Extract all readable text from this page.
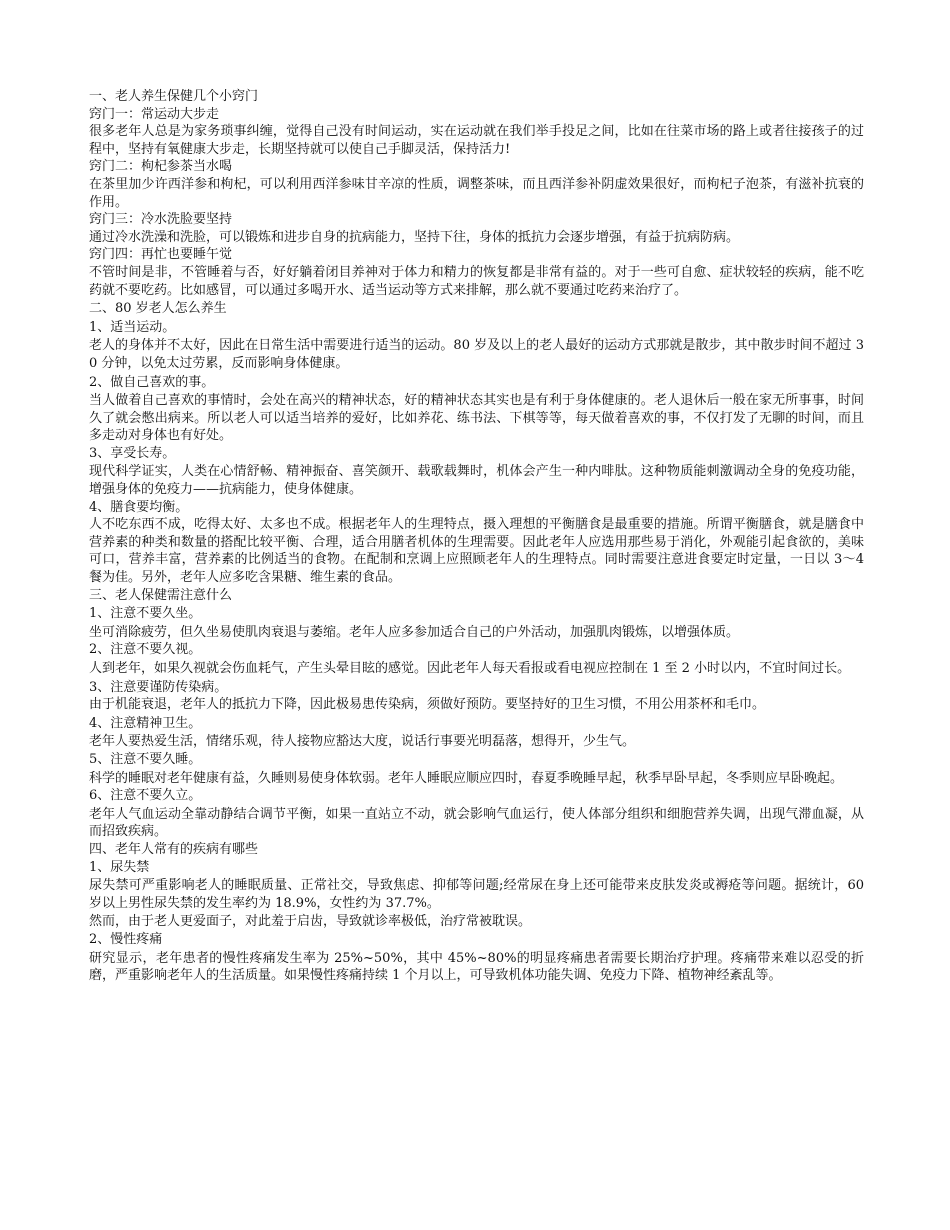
一、老人养生保健几个小窍门

窍门一：常运动大步走

很多老年人总是为家务琐事纠缠，觉得自己没有时间运动，实在运动就在我们举手投足之间，比如在往菜市场的路上或者往接孩子的过程中，坚持有氧健康大步走，长期坚持就可以使自己手脚灵活，保持活力!

窍门二：枸杞参茶当水喝

在茶里加少许西洋参和枸杞，可以利用西洋参味甘辛凉的性质，调整茶味，而且西洋参补阴虚效果很好，而枸杞子泡茶，有滋补抗衰的作用。

窍门三：冷水洗脸要坚持

通过冷水洗澡和洗脸，可以锻炼和进步自身的抗病能力，坚持下往，身体的抵抗力会逐步增强，有益于抗病防病。

窍门四：再忙也要睡午觉

不管时间是非，不管睡着与否，好好躺着闭目养神对于体力和精力的恢复都是非常有益的。对于一些可自愈、症状较轻的疾病，能不吃药就不要吃药。比如感冒，可以通过多喝开水、适当运动等方式来排解，那么就不要通过吃药来治疗了。

二、80 岁老人怎么养生

1、适当运动。

老人的身体并不太好，因此在日常生活中需要进行适当的运动。80 岁及以上的老人最好的运动方式那就是散步，其中散步时间不超过 30 分钟，以免太过劳累，反而影响身体健康。

2、做自己喜欢的事。

当人做着自己喜欢的事情时，会处在高兴的精神状态，好的精神状态其实也是有利于身体健康的。老人退休后一般在家无所事事，时间久了就会憋出病来。所以老人可以适当培养的爱好，比如养花、练书法、下棋等等，每天做着喜欢的事，不仅打发了无聊的时间，而且多走动对身体也有好处。

3、享受长寿。

现代科学证实，人类在心情舒畅、精神振奋、喜笑颜开、载歌载舞时，机体会产生一种内啡肽。这种物质能刺激调动全身的免疫功能，增强身体的免疫力——抗病能力，使身体健康。

4、膳食要均衡。

人不吃东西不成，吃得太好、太多也不成。根据老年人的生理特点，摄入理想的平衡膳食是最重要的措施。所谓平衡膳食，就是膳食中营养素的种类和数量的搭配比较平衡、合理，适合用膳者机体的生理需要。因此老年人应选用那些易于消化，外观能引起食欲的，美味可口，营养丰富，营养素的比例适当的食物。在配制和烹调上应照顾老年人的生理特点。同时需要注意进食要定时定量，一日以 3～4 餐为佳。另外，老年人应多吃含果糖、维生素的食品。

三、老人保健需注意什么

1、注意不要久坐。

坐可消除疲劳，但久坐易使肌肉衰退与萎缩。老年人应多参加适合自己的户外活动，加强肌肉锻炼，以增强体质。

2、注意不要久视。

人到老年，如果久视就会伤血耗气，产生头晕目眩的感觉。因此老年人每天看报或看电视应控制在 1 至 2 小时以内，不宜时间过长。

3、注意要谨防传染病。

由于机能衰退，老年人的抵抗力下降，因此极易患传染病，须做好预防。要坚持好的卫生习惯，不用公用茶杯和毛巾。

4、注意精神卫生。

老年人要热爱生活，情绪乐观，待人接物应豁达大度，说话行事要光明磊落，想得开，少生气。

5、注意不要久睡。

科学的睡眠对老年健康有益，久睡则易使身体软弱。老年人睡眠应顺应四时，春夏季晚睡早起，秋季早卧早起，冬季则应早卧晚起。

6、注意不要久立。

老年人气血运动全靠动静结合调节平衡，如果一直站立不动，就会影响气血运行，使人体部分组织和细胞营养失调，出现气滞血凝，从而招致疾病。

四、老年人常有的疾病有哪些

1、尿失禁

尿失禁可严重影响老人的睡眠质量、正常社交，导致焦虑、抑郁等问题;经常尿在身上还可能带来皮肤发炎或褥疮等问题。据统计，60 岁以上男性尿失禁的发生率约为 18.9%，女性约为 37.7%。

然而，由于老人更爱面子，对此羞于启齿，导致就诊率极低，治疗常被耽误。

2、慢性疼痛

研究显示，老年患者的慢性疼痛发生率为 25%~50%，其中 45%~80%的明显疼痛患者需要长期治疗护理。疼痛带来难以忍受的折磨，严重影响老年人的生活质量。如果慢性疼痛持续 1 个月以上，可导致机体功能失调、免疫力下降、植物神经紊乱等。
